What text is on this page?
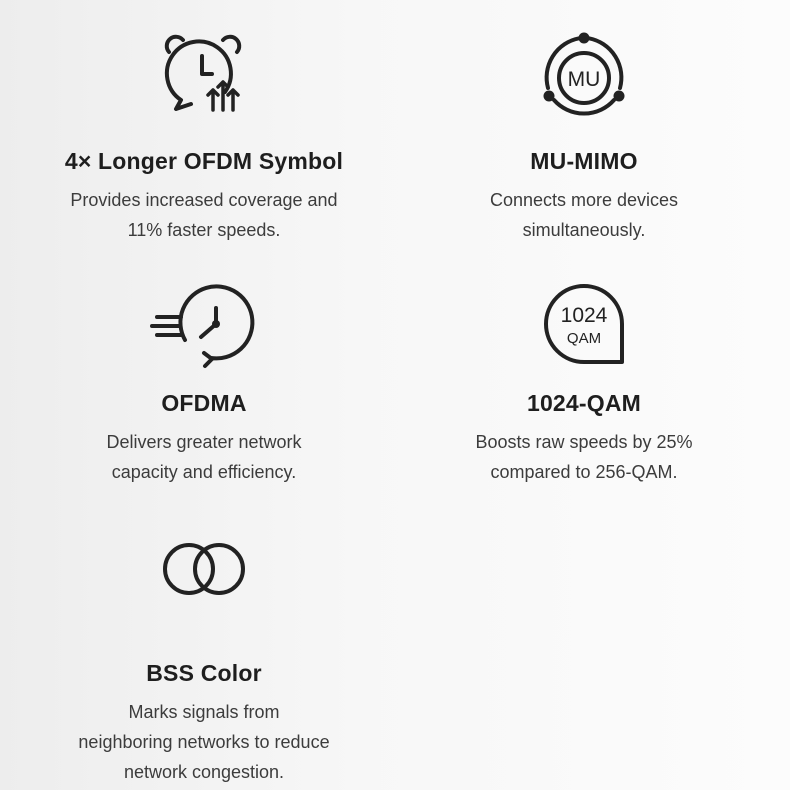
4× Longer OFDM Symbol

Provides increased coverage and
11% faster speeds.

MU
MU-MIMO

Connects more devices
simultaneously.

OFDMA

Delivers greater network
capacity and efficiency.

1024
QAM
1024-QAM

Boosts raw speeds by 25%
compared to 256-QAM.

BSS Color

Marks signals from
neighboring networks to reduce
network congestion.
